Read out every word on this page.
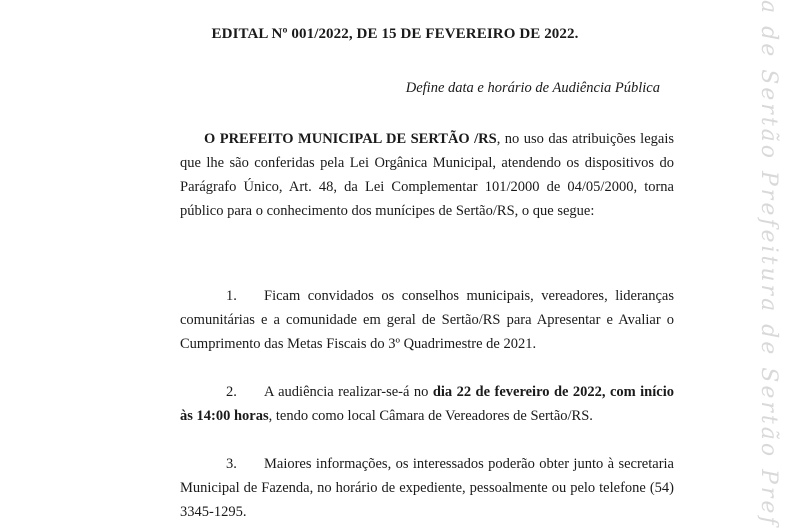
EDITAL Nº 001/2022, DE 15 DE FEVEREIRO DE 2022.
Define data e horário de Audiência Pública
O PREFEITO MUNICIPAL DE SERTÃO /RS, no uso das atribuições legais que lhe são conferidas pela Lei Orgânica Municipal, atendendo os dispositivos do Parágrafo Único, Art. 48, da Lei Complementar 101/2000 de 04/05/2000, torna público para o conhecimento dos munícipes de Sertão/RS, o que segue:
1. Ficam convidados os conselhos municipais, vereadores, lideranças comunitárias e a comunidade em geral de Sertão/RS para Apresentar e Avaliar o Cumprimento das Metas Fiscais do 3º Quadrimestre de 2021.
2. A audiência realizar-se-á no dia 22 de fevereiro de 2022, com início às 14:00 horas, tendo como local Câmara de Vereadores de Sertão/RS.
3. Maiores informações, os interessados poderão obter junto à secretaria Municipal de Fazenda, no horário de expediente, pessoalmente ou pelo telefone (54) 3345-1295.	a de Sertão Prefeitura de Sertão Pref
